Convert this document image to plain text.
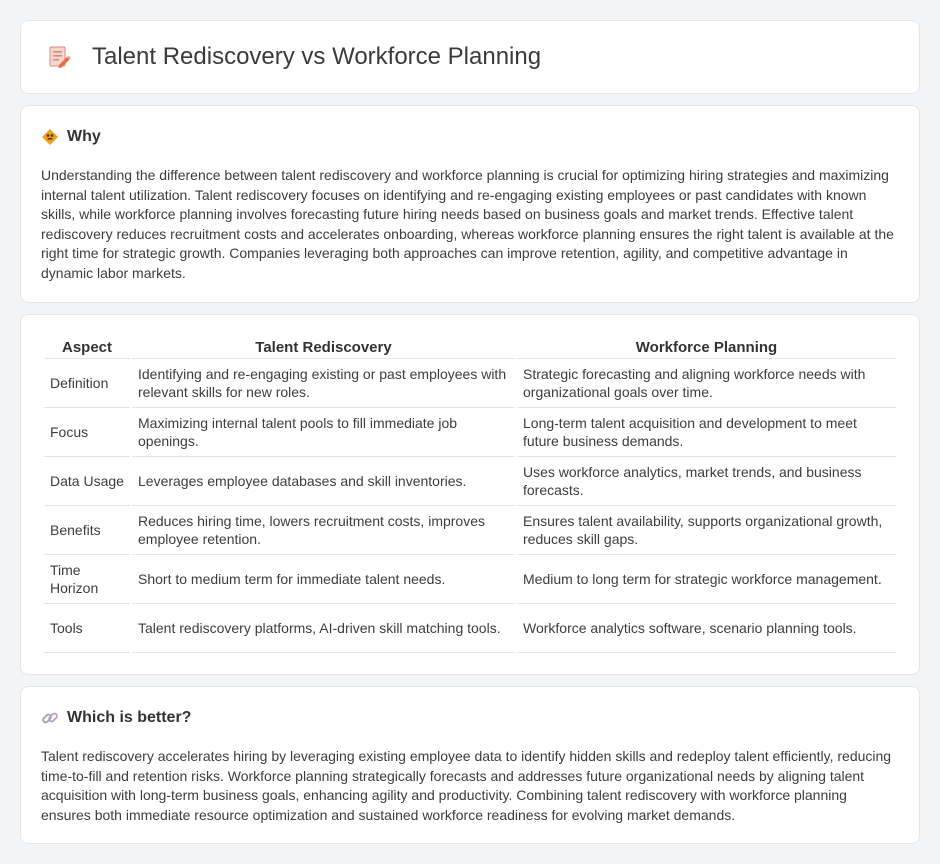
Talent Rediscovery vs Workforce Planning
Why

Understanding the difference between talent rediscovery and workforce planning is crucial for optimizing hiring strategies and maximizing internal talent utilization. Talent rediscovery focuses on identifying and re-engaging existing employees or past candidates with known skills, while workforce planning involves forecasting future hiring needs based on business goals and market trends. Effective talent rediscovery reduces recruitment costs and accelerates onboarding, whereas workforce planning ensures the right talent is available at the right time for strategic growth. Companies leveraging both approaches can improve retention, agility, and competitive advantage in dynamic labor markets.

Aspect	Talent Rediscovery	Workforce Planning
Definition	Identifying and re-engaging existing or past employees with relevant skills for new roles.	Strategic forecasting and aligning workforce needs with organizational goals over time.
Focus	Maximizing internal talent pools to fill immediate job openings.	Long-term talent acquisition and development to meet future business demands.
Data Usage	Leverages employee databases and skill inventories.	Uses workforce analytics, market trends, and business forecasts.
Benefits	Reduces hiring time, lowers recruitment costs, improves employee retention.	Ensures talent availability, supports organizational growth, reduces skill gaps.
Time Horizon	Short to medium term for immediate talent needs.	Medium to long term for strategic workforce management.
Tools	Talent rediscovery platforms, AI-driven skill matching tools.	Workforce analytics software, scenario planning tools.
Which is better?

Talent rediscovery accelerates hiring by leveraging existing employee data to identify hidden skills and redeploy talent efficiently, reducing time-to-fill and retention risks. Workforce planning strategically forecasts and addresses future organizational needs by aligning talent acquisition with long-term business goals, enhancing agility and productivity. Combining talent rediscovery with workforce planning ensures both immediate resource optimization and sustained workforce readiness for evolving market demands.
